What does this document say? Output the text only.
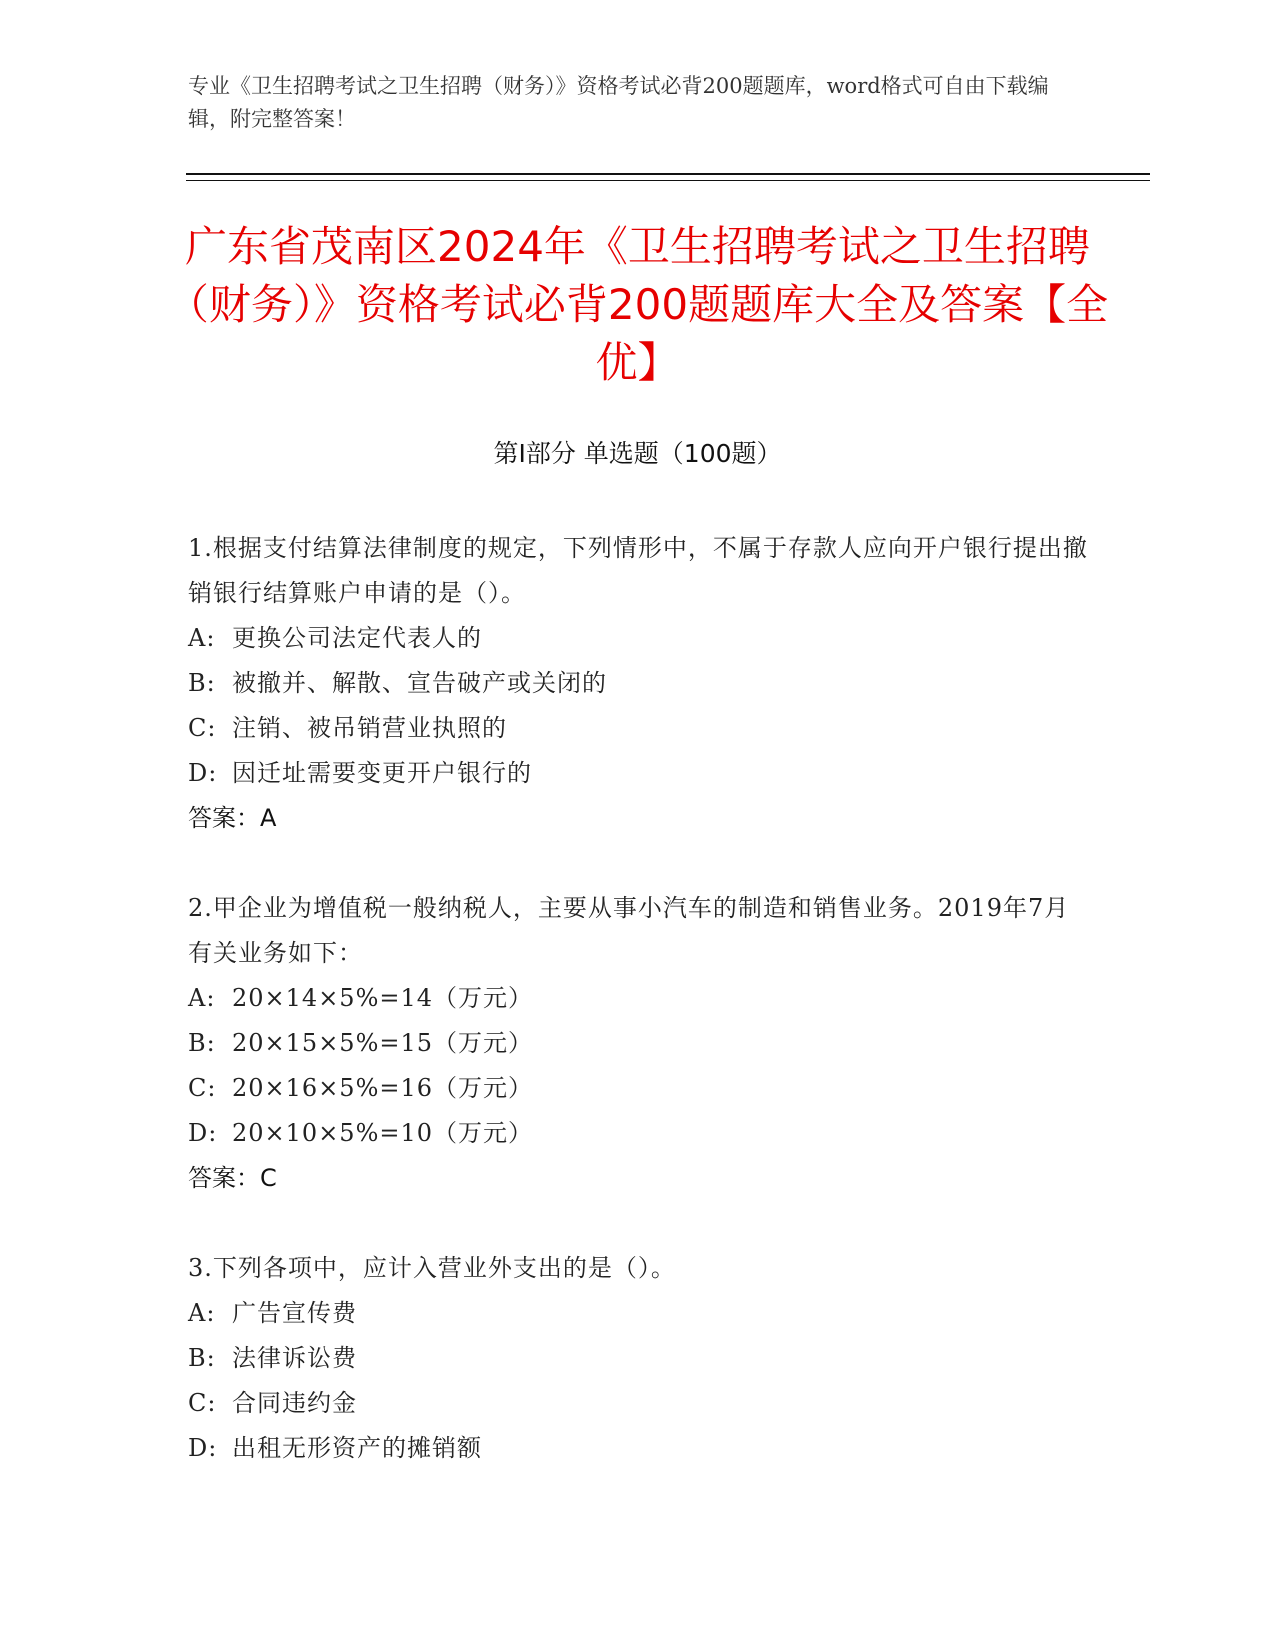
专业《卫生招聘考试之卫生招聘（财务）》资格考试必背200题题库，word格式可自由下载编辑，附完整答案！
广东省茂南区2024年《卫生招聘考试之卫生招聘（财务）》资格考试必背200题题库大全及答案【全优】
第I部分 单选题（100题）
1.根据支付结算法律制度的规定，下列情形中，不属于存款人应向开户银行提出撤销银行结算账户申请的是（）。
A: 更换公司法定代表人的
B: 被撤并、解散、宣告破产或关闭的
C: 注销、被吊销营业执照的
D: 因迁址需要变更开户银行的
答案：A
2.甲企业为增值税一般纳税人，主要从事小汽车的制造和销售业务。2019年7月有关业务如下：
A: 20×14×5%=14（万元）
B: 20×15×5%=15（万元）
C: 20×16×5%=16（万元）
D: 20×10×5%=10（万元）
答案：C
3.下列各项中，应计入营业外支出的是（）。
A: 广告宣传费
B: 法律诉讼费
C: 合同违约金
D: 出租无形资产的摊销额
